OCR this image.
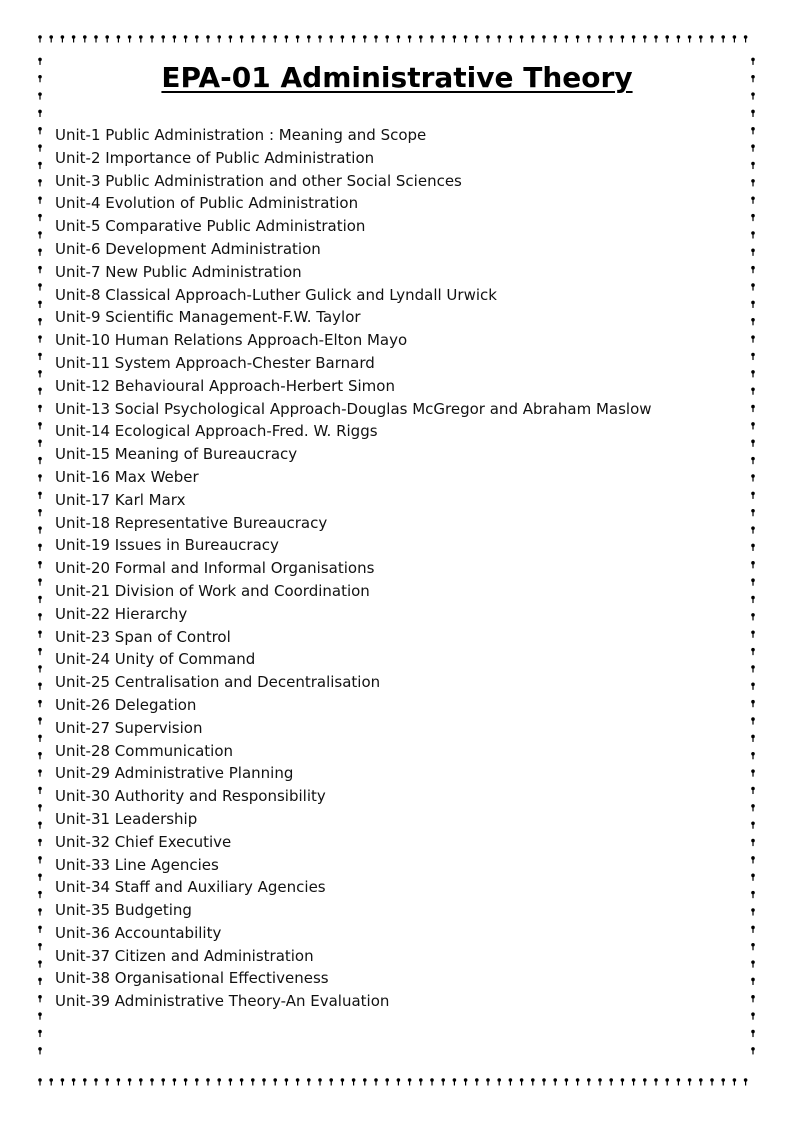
EPA-01 Administrative Theory
Unit-1 Public Administration : Meaning and Scope
Unit-2 Importance of Public Administration
Unit-3 Public Administration and other Social Sciences
Unit-4 Evolution of Public Administration
Unit-5 Comparative Public Administration
Unit-6 Development Administration
Unit-7 New Public Administration
Unit-8 Classical Approach-Luther Gulick and Lyndall Urwick
Unit-9 Scientific Management-F.W. Taylor
Unit-10 Human Relations Approach-Elton Mayo
Unit-11 System Approach-Chester Barnard
Unit-12 Behavioural Approach-Herbert Simon
Unit-13 Social Psychological Approach-Douglas McGregor and Abraham Maslow
Unit-14 Ecological Approach-Fred. W. Riggs
Unit-15 Meaning of Bureaucracy
Unit-16 Max Weber
Unit-17 Karl Marx
Unit-18 Representative Bureaucracy
Unit-19 Issues in Bureaucracy
Unit-20 Formal and Informal Organisations
Unit-21 Division of Work and Coordination
Unit-22 Hierarchy
Unit-23 Span of Control
Unit-24 Unity of Command
Unit-25 Centralisation and Decentralisation
Unit-26 Delegation
Unit-27 Supervision
Unit-28 Communication
Unit-29 Administrative Planning
Unit-30 Authority and Responsibility
Unit-31 Leadership
Unit-32 Chief Executive
Unit-33 Line Agencies
Unit-34 Staff and Auxiliary Agencies
Unit-35 Budgeting
Unit-36 Accountability
Unit-37 Citizen and Administration
Unit-38 Organisational Effectiveness
Unit-39 Administrative Theory-An Evaluation
